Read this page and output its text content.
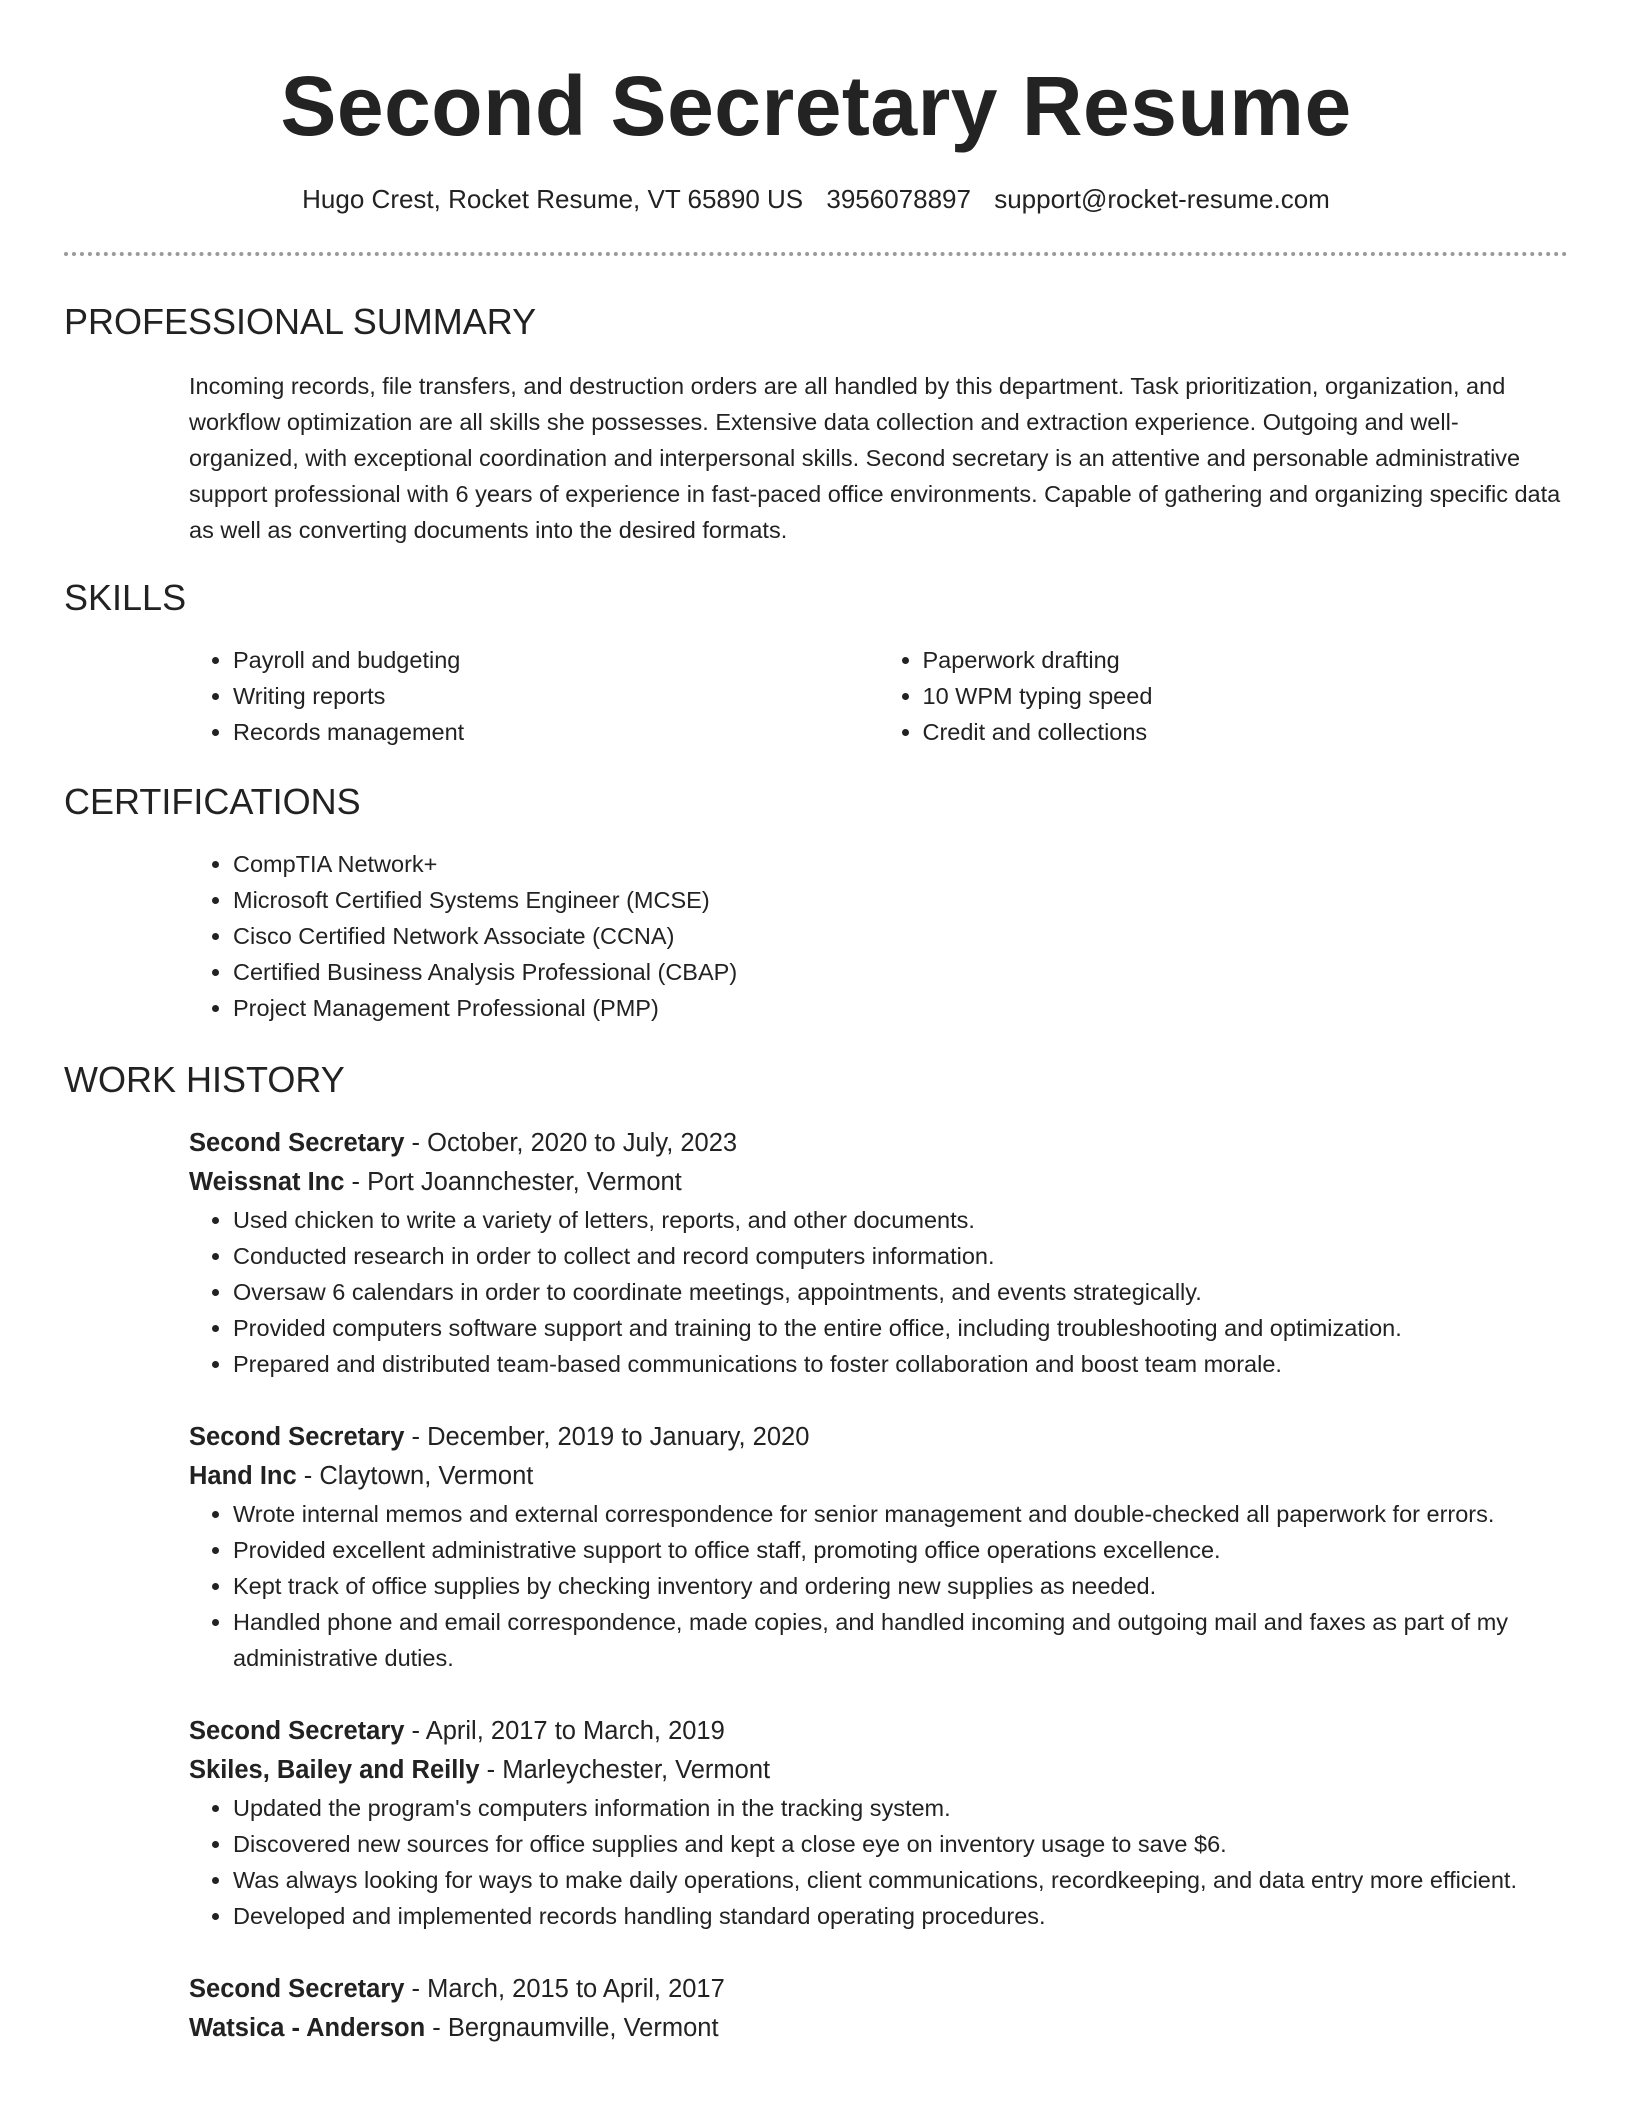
Second Secretary Resume
Hugo Crest, Rocket Resume, VT 65890 US 3956078897 support@rocket-resume.com
PROFESSIONAL SUMMARY
Incoming records, file transfers, and destruction orders are all handled by this department. Task prioritization, organization, and workflow optimization are all skills she possesses. Extensive data collection and extraction experience. Outgoing and well-organized, with exceptional coordination and interpersonal skills. Second secretary is an attentive and personable administrative support professional with 6 years of experience in fast-paced office environments. Capable of gathering and organizing specific data as well as converting documents into the desired formats.
SKILLS
• Payroll and budgeting
• Writing reports
• Records management
• Paperwork drafting
• 10 WPM typing speed
• Credit and collections
CERTIFICATIONS
• CompTIA Network+
• Microsoft Certified Systems Engineer (MCSE)
• Cisco Certified Network Associate (CCNA)
• Certified Business Analysis Professional (CBAP)
• Project Management Professional (PMP)
WORK HISTORY
Second Secretary - October, 2020 to July, 2023
Weissnat Inc - Port Joannchester, Vermont
• Used chicken to write a variety of letters, reports, and other documents.
• Conducted research in order to collect and record computers information.
• Oversaw 6 calendars in order to coordinate meetings, appointments, and events strategically.
• Provided computers software support and training to the entire office, including troubleshooting and optimization.
• Prepared and distributed team-based communications to foster collaboration and boost team morale.
Second Secretary - December, 2019 to January, 2020
Hand Inc - Claytown, Vermont
• Wrote internal memos and external correspondence for senior management and double-checked all paperwork for errors.
• Provided excellent administrative support to office staff, promoting office operations excellence.
• Kept track of office supplies by checking inventory and ordering new supplies as needed.
• Handled phone and email correspondence, made copies, and handled incoming and outgoing mail and faxes as part of my administrative duties.
Second Secretary - April, 2017 to March, 2019
Skiles, Bailey and Reilly - Marleychester, Vermont
• Updated the program's computers information in the tracking system.
• Discovered new sources for office supplies and kept a close eye on inventory usage to save $6.
• Was always looking for ways to make daily operations, client communications, recordkeeping, and data entry more efficient.
• Developed and implemented records handling standard operating procedures.
Second Secretary - March, 2015 to April, 2017
Watsica - Anderson - Bergnaumville, Vermont
